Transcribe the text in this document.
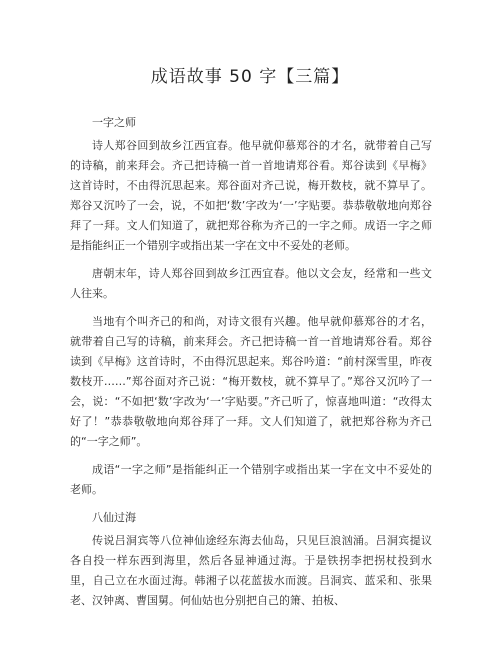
成语故事 50 字【三篇】
一字之师

诗人郑谷回到故乡江西宜春。他早就仰慕郑谷的才名，就带着自己写的诗稿，前来拜会。齐己把诗稿一首一首地请郑谷看。郑谷读到《早梅》这首诗时，不由得沉思起来。郑谷面对齐己说，梅开数枝，就不算早了。郑谷又沉吟了一会，说，不如把‘数’字改为‘一’字贴要。恭恭敬敬地向郑谷拜了一拜。文人们知道了，就把郑谷称为齐己的一字之师。成语一字之师是指能纠正一个错别字或指出某一字在文中不妥处的老师。

唐朝末年，诗人郑谷回到故乡江西宜春。他以文会友，经常和一些文人往来。

当地有个叫齐己的和尚，对诗文很有兴趣。他早就仰慕郑谷的才名，就带着自己写的诗稿，前来拜会。齐己把诗稿一首一首地请郑谷看。郑谷读到《早梅》这首诗时，不由得沉思起来。郑谷吟道：“前村深雪里，昨夜数枝开……”郑谷面对齐己说：“梅开数枝，就不算早了。”郑谷又沉吟了一会，说：“不如把‘数’字改为‘一’字贴要。”齐己听了，惊喜地叫道：“改得太好了！”恭恭敬敬地向郑谷拜了一拜。文人们知道了，就把郑谷称为齐己的“一字之师”。

成语“一字之师”是指能纠正一个错别字或指出某一字在文中不妥处的老师。

八仙过海

传说吕洞宾等八位神仙途经东海去仙岛，只见巨浪汹涌。吕洞宾提议各自投一样东西到海里，然后各显神通过海。于是铁拐李把拐杖投到水里，自己立在水面过海。韩湘子以花蓝拔水而渡。吕洞宾、蓝采和、张果老、汉钟离、曹国舅。何仙姑也分别把自己的箫、拍板、
